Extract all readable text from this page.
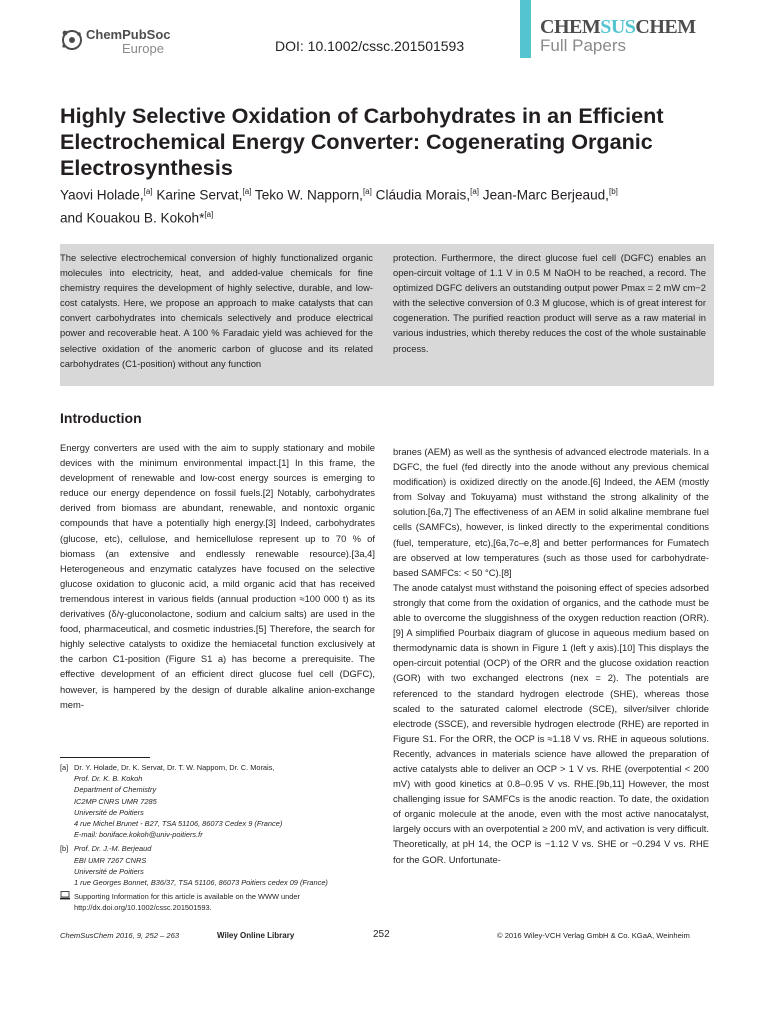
ChemPubSoc
Europe	DOI: 10.1002/cssc.201501593
CHEMSUSCHEM
Full Papers
Highly Selective Oxidation of Carbohydrates in an Efficient Electrochemical Energy Converter: Cogenerating Organic Electrosynthesis
Yaovi Holade,[a] Karine Servat,[a] Teko W. Napporn,[a] Cláudia Morais,[a] Jean-Marc Berjeaud,[b]
and Kouakou B. Kokoh*[a]
The selective electrochemical conversion of highly functionalized organic molecules into electricity, heat, and added-value chemicals for fine chemistry requires the development of highly selective, durable, and low-cost catalysts. Here, we propose an approach to make catalysts that can convert carbohydrates into chemicals selectively and produce electrical power and recoverable heat. A 100 % Faradaic yield was achieved for the selective oxidation of the anomeric carbon of glucose and its related carbohydrates (C1-position) without any function
protection. Furthermore, the direct glucose fuel cell (DGFC) enables an open-circuit voltage of 1.1 V in 0.5 M NaOH to be reached, a record. The optimized DGFC delivers an outstanding output power Pmax = 2 mW cm−2 with the selective conversion of 0.3 M glucose, which is of great interest for cogeneration. The purified reaction product will serve as a raw material in various industries, which thereby reduces the cost of the whole sustainable process.
Introduction
Energy converters are used with the aim to supply stationary and mobile devices with the minimum environmental impact.[1] In this frame, the development of renewable and low-cost energy sources is emerging to reduce our energy dependence on fossil fuels.[2] Notably, carbohydrates derived from biomass are abundant, renewable, and nontoxic organic compounds that have a potentially high energy.[3] Indeed, carbohydrates (glucose, etc), cellulose, and hemicellulose represent up to 70 % of biomass (an extensive and endlessly renewable resource).[3a,4] Heterogeneous and enzymatic catalyzes have focused on the selective glucose oxidation to gluconic acid, a mild organic acid that has received tremendous interest in various fields (annual production ≈100 000 t) as its derivatives (δ/γ-gluconolactone, sodium and calcium salts) are used in the food, pharmaceutical, and cosmetic industries.[5] Therefore, the search for highly selective catalysts to oxidize the hemiacetal function exclusively at the carbon C1-position (Figure S1 a) has become a prerequisite. The effective development of an efficient direct glucose fuel cell (DGFC), however, is hampered by the design of durable alkaline anion-exchange mem-
branes (AEM) as well as the synthesis of advanced electrode materials. In a DGFC, the fuel (fed directly into the anode without any previous chemical modification) is oxidized directly on the anode.[6] Indeed, the AEM (mostly from Solvay and Tokuyama) must withstand the strong alkalinity of the solution.[6a,7] The effectiveness of an AEM in solid alkaline membrane fuel cells (SAMFCs), however, is linked directly to the experimental conditions (fuel, temperature, etc),[6a,7c–e,8] and better performances for Fumatech are observed at low temperatures (such as those used for carbohydrate-based SAMFCs: < 50 °C).[8]
The anode catalyst must withstand the poisoning effect of species adsorbed strongly that come from the oxidation of organics, and the cathode must be able to overcome the sluggishness of the oxygen reduction reaction (ORR).[9] A simplified Pourbaix diagram of glucose in aqueous medium based on thermodynamic data is shown in Figure 1 (left y axis).[10] This displays the open-circuit potential (OCP) of the ORR and the glucose oxidation reaction (GOR) with two exchanged electrons (nex = 2). The potentials are referenced to the standard hydrogen electrode (SHE), whereas those scaled to the saturated calomel electrode (SCE), silver/silver chloride electrode (SSCE), and reversible hydrogen electrode (RHE) are reported in Figure S1. For the ORR, the OCP is ≈1.18 V vs. RHE in aqueous solutions. Recently, advances in materials science have allowed the preparation of active catalysts able to deliver an OCP > 1 V vs. RHE (overpotential < 200 mV) with good kinetics at 0.8–0.95 V vs. RHE.[9b,11] However, the most challenging issue for SAMFCs is the anodic reaction. To date, the oxidation of organic molecule at the anode, even with the most active nanocatalyst, largely occurs with an overpotential ≥ 200 mV, and activation is very difficult. Theoretically, at pH 14, the OCP is −1.12 V vs. SHE or −0.294 V vs. RHE for the GOR. Unfortunate-
[a] Dr. Y. Holade, Dr. K. Servat, Dr. T. W. Napporn, Dr. C. Morais,
Prof. Dr. K. B. Kokoh
Department of Chemistry
IC2MP CNRS UMR 7285
Université de Poitiers
4 rue Michel Brunet - B27, TSA 51106, 86073 Cedex 9 (France)
E-mail: boniface.kokoh@univ-poitiers.fr
[b] Prof. Dr. J.-M. Berjeaud
EBI UMR 7267 CNRS
Université de Poitiers
1 rue Georges Bonnet, B36/37, TSA 51106, 86073 Poitiers cedex 09 (France)
Supporting Information for this article is available on the WWW under
http://dx.doi.org/10.1002/cssc.201501593.
ChemSusChem 2016, 9, 252 – 263	Wiley Online Library	252	© 2016 Wiley-VCH Verlag GmbH & Co. KGaA, Weinheim
